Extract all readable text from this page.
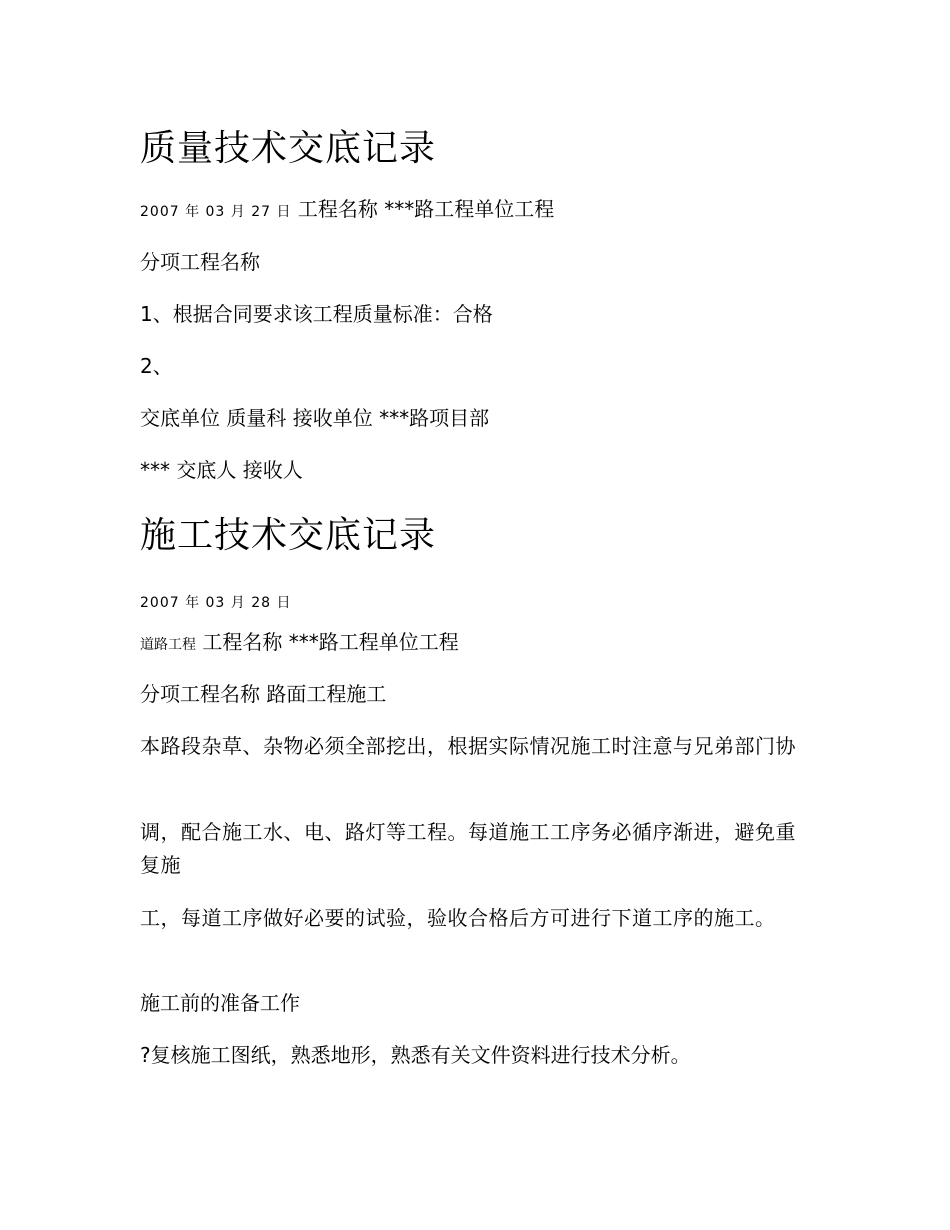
质量技术交底记录
2007 年 03 月 27 日 工程名称 ***路工程单位工程
分项工程名称
1、根据合同要求该工程质量标准：合格
2、
交底单位 质量科 接收单位 ***路项目部
*** 交底人 接收人
施工技术交底记录
2007 年 03 月 28 日
道路工程 工程名称 ***路工程单位工程
分项工程名称 路面工程施工
本路段杂草、杂物必须全部挖出，根据实际情况施工时注意与兄弟部门协
调，配合施工水、电、路灯等工程。每道施工工序务必循序渐进，避免重复施
工，每道工序做好必要的试验，验收合格后方可进行下道工序的施工。
施工前的准备工作
?复核施工图纸，熟悉地形，熟悉有关文件资料进行技术分析。
